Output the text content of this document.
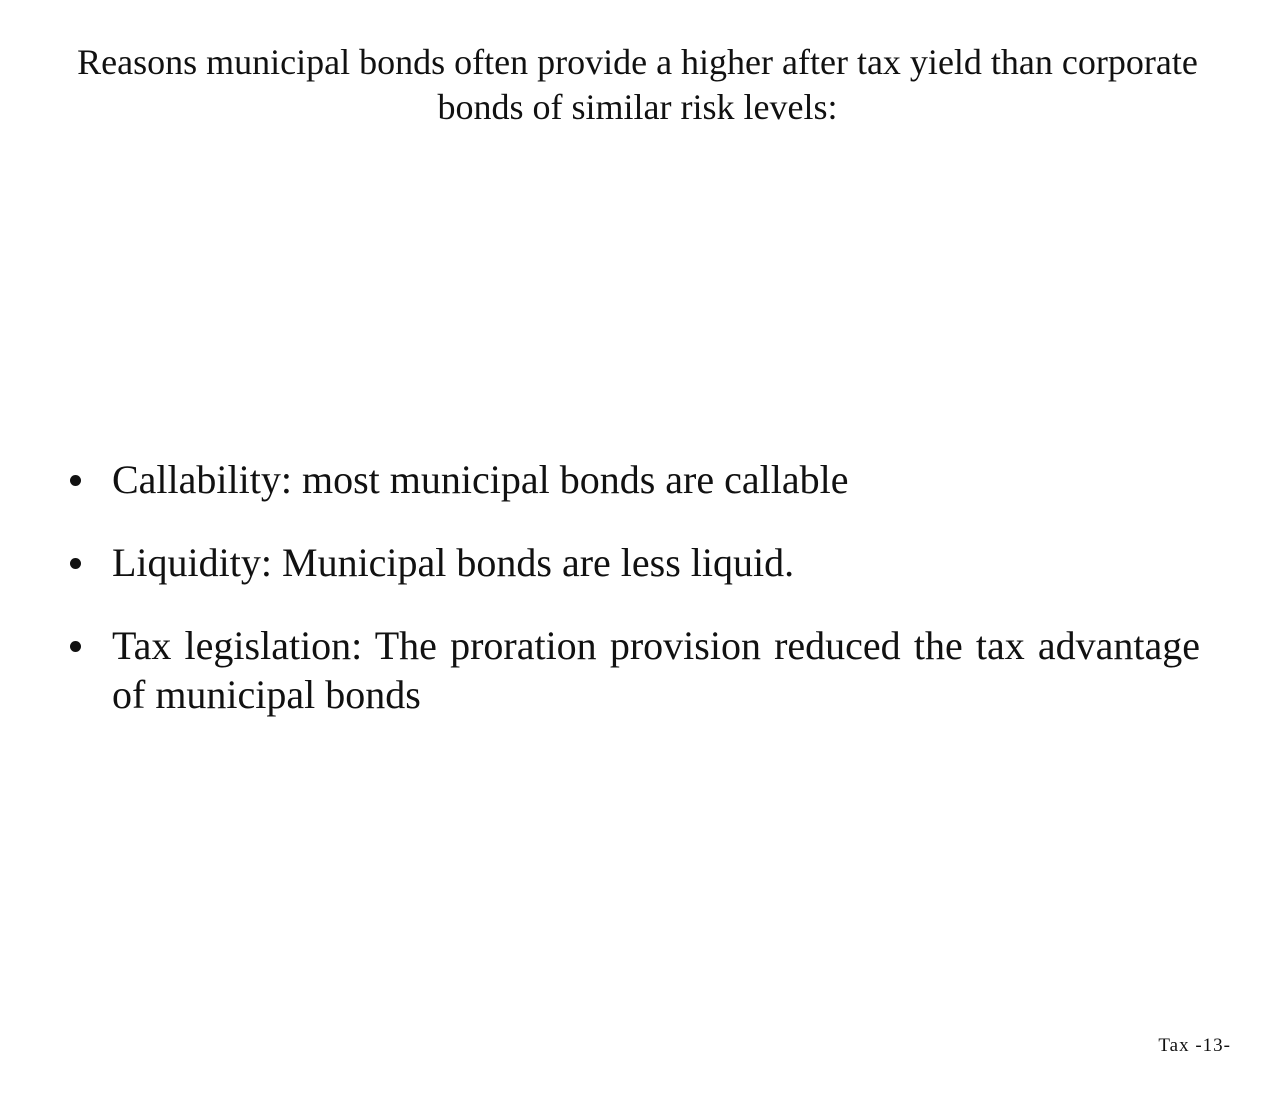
Reasons municipal bonds often provide a higher after tax yield than corporate bonds of similar risk levels:
Callability: most municipal bonds are callable
Liquidity: Municipal bonds are less liquid.
Tax legislation: The proration provision reduced the tax advantage of municipal bonds
Tax -13-
